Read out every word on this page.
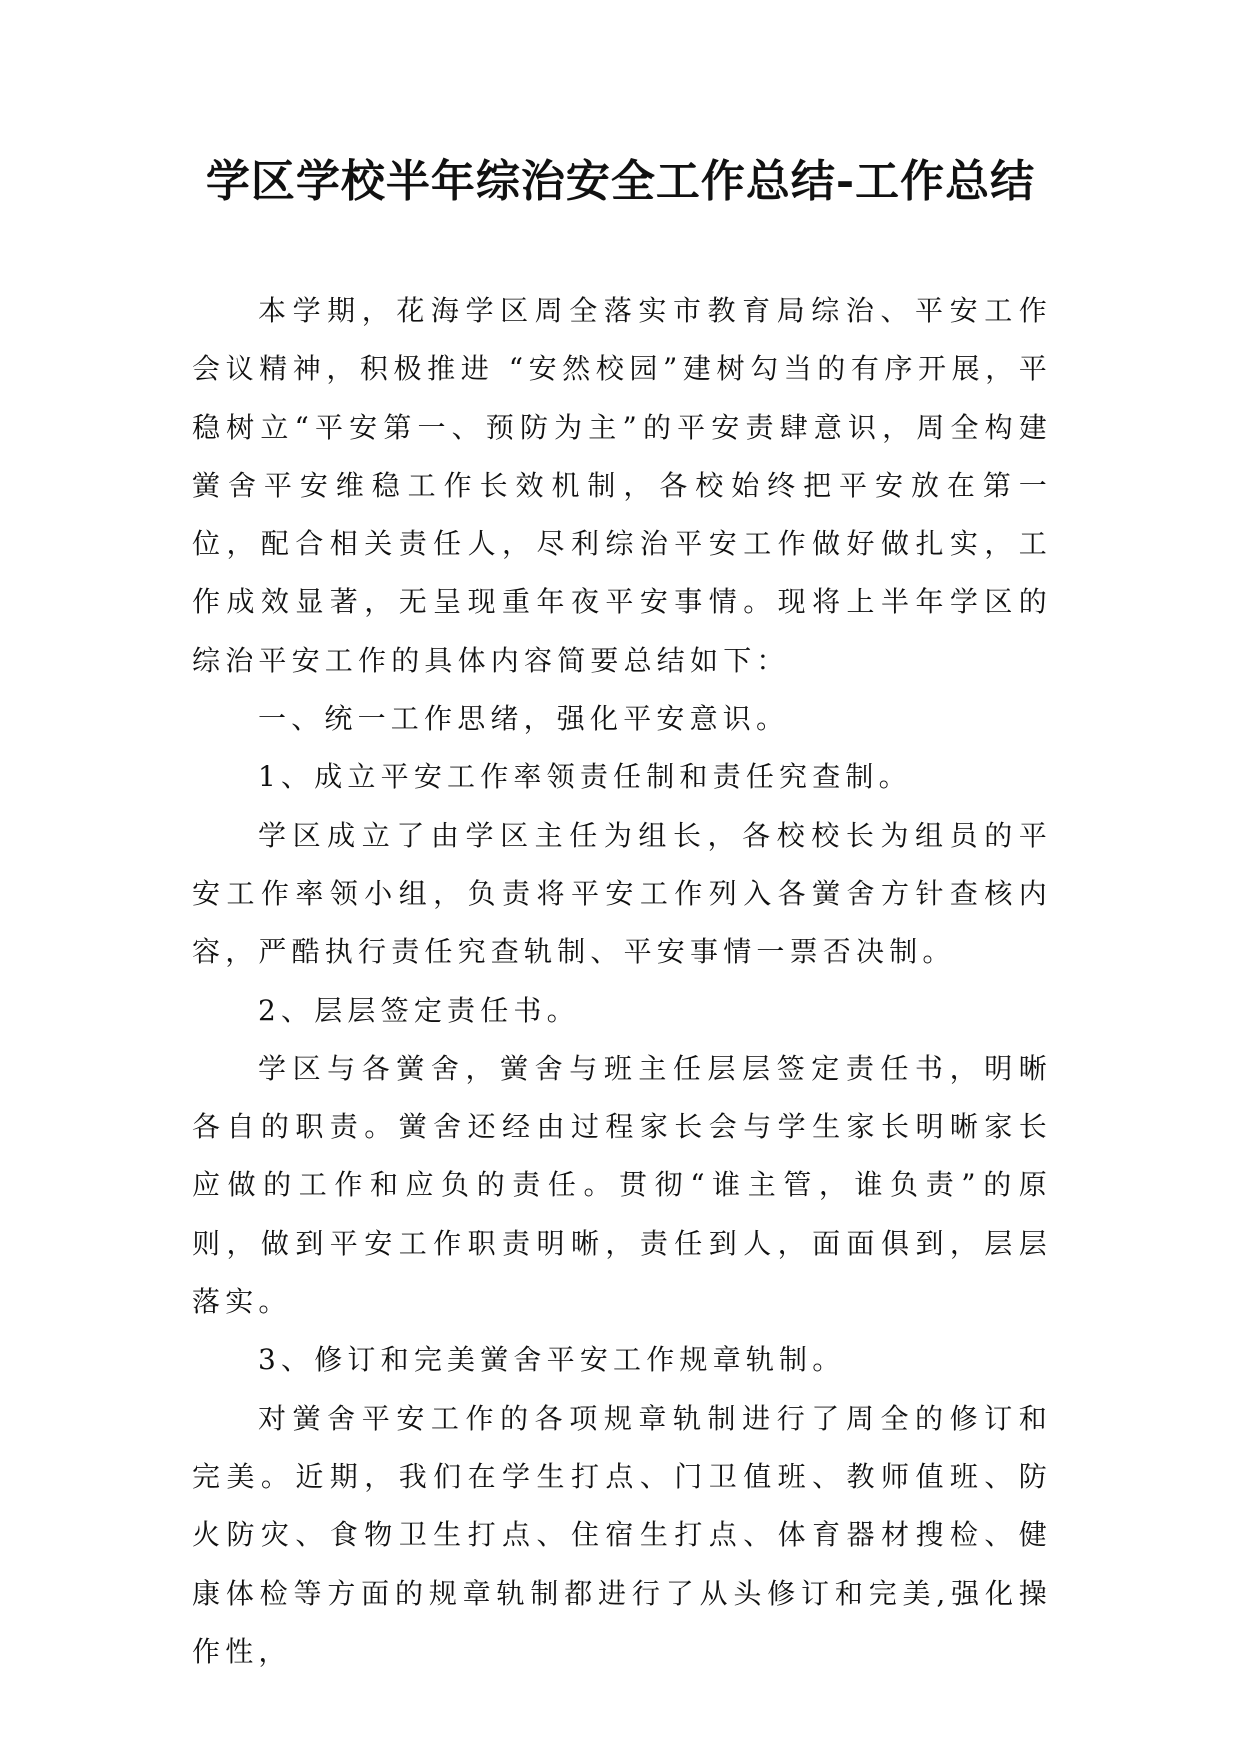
学区学校半年综治安全工作总结-工作总结

本学期，花海学区周全落实市教育局综治、平安工作会议精神，积极推进 “安然校园”建树勾当的有序开展，平稳树立“平安第一、预防为主”的平安责肆意识，周全构建黉舍平安维稳工作长效机制，各校始终把平安放在第一位，配合相关责任人，尽利综治平安工作做好做扎实，工作成效显著，无呈现重年夜平安事情。现将上半年学区的综治平安工作的具体内容简要总结如下：

一、统一工作思绪，强化平安意识。

1、成立平安工作率领责任制和责任究查制。

学区成立了由学区主任为组长，各校校长为组员的平安工作率领小组，负责将平安工作列入各黉舍方针查核内容，严酷执行责任究查轨制、平安事情一票否决制。

2、层层签定责任书。

学区与各黉舍，黉舍与班主任层层签定责任书，明晰各自的职责。黉舍还经由过程家长会与学生家长明晰家长应做的工作和应负的责任。贯彻“谁主管，谁负责”的原则，做到平安工作职责明晰，责任到人，面面俱到，层层落实。

3、修订和完美黉舍平安工作规章轨制。

对黉舍平安工作的各项规章轨制进行了周全的修订和完美。近期，我们在学生打点、门卫值班、教师值班、防火防灾、食物卫生打点、住宿生打点、体育器材搜检、健康体检等方面的规章轨制都进行了从头修订和完美,强化操作性，
